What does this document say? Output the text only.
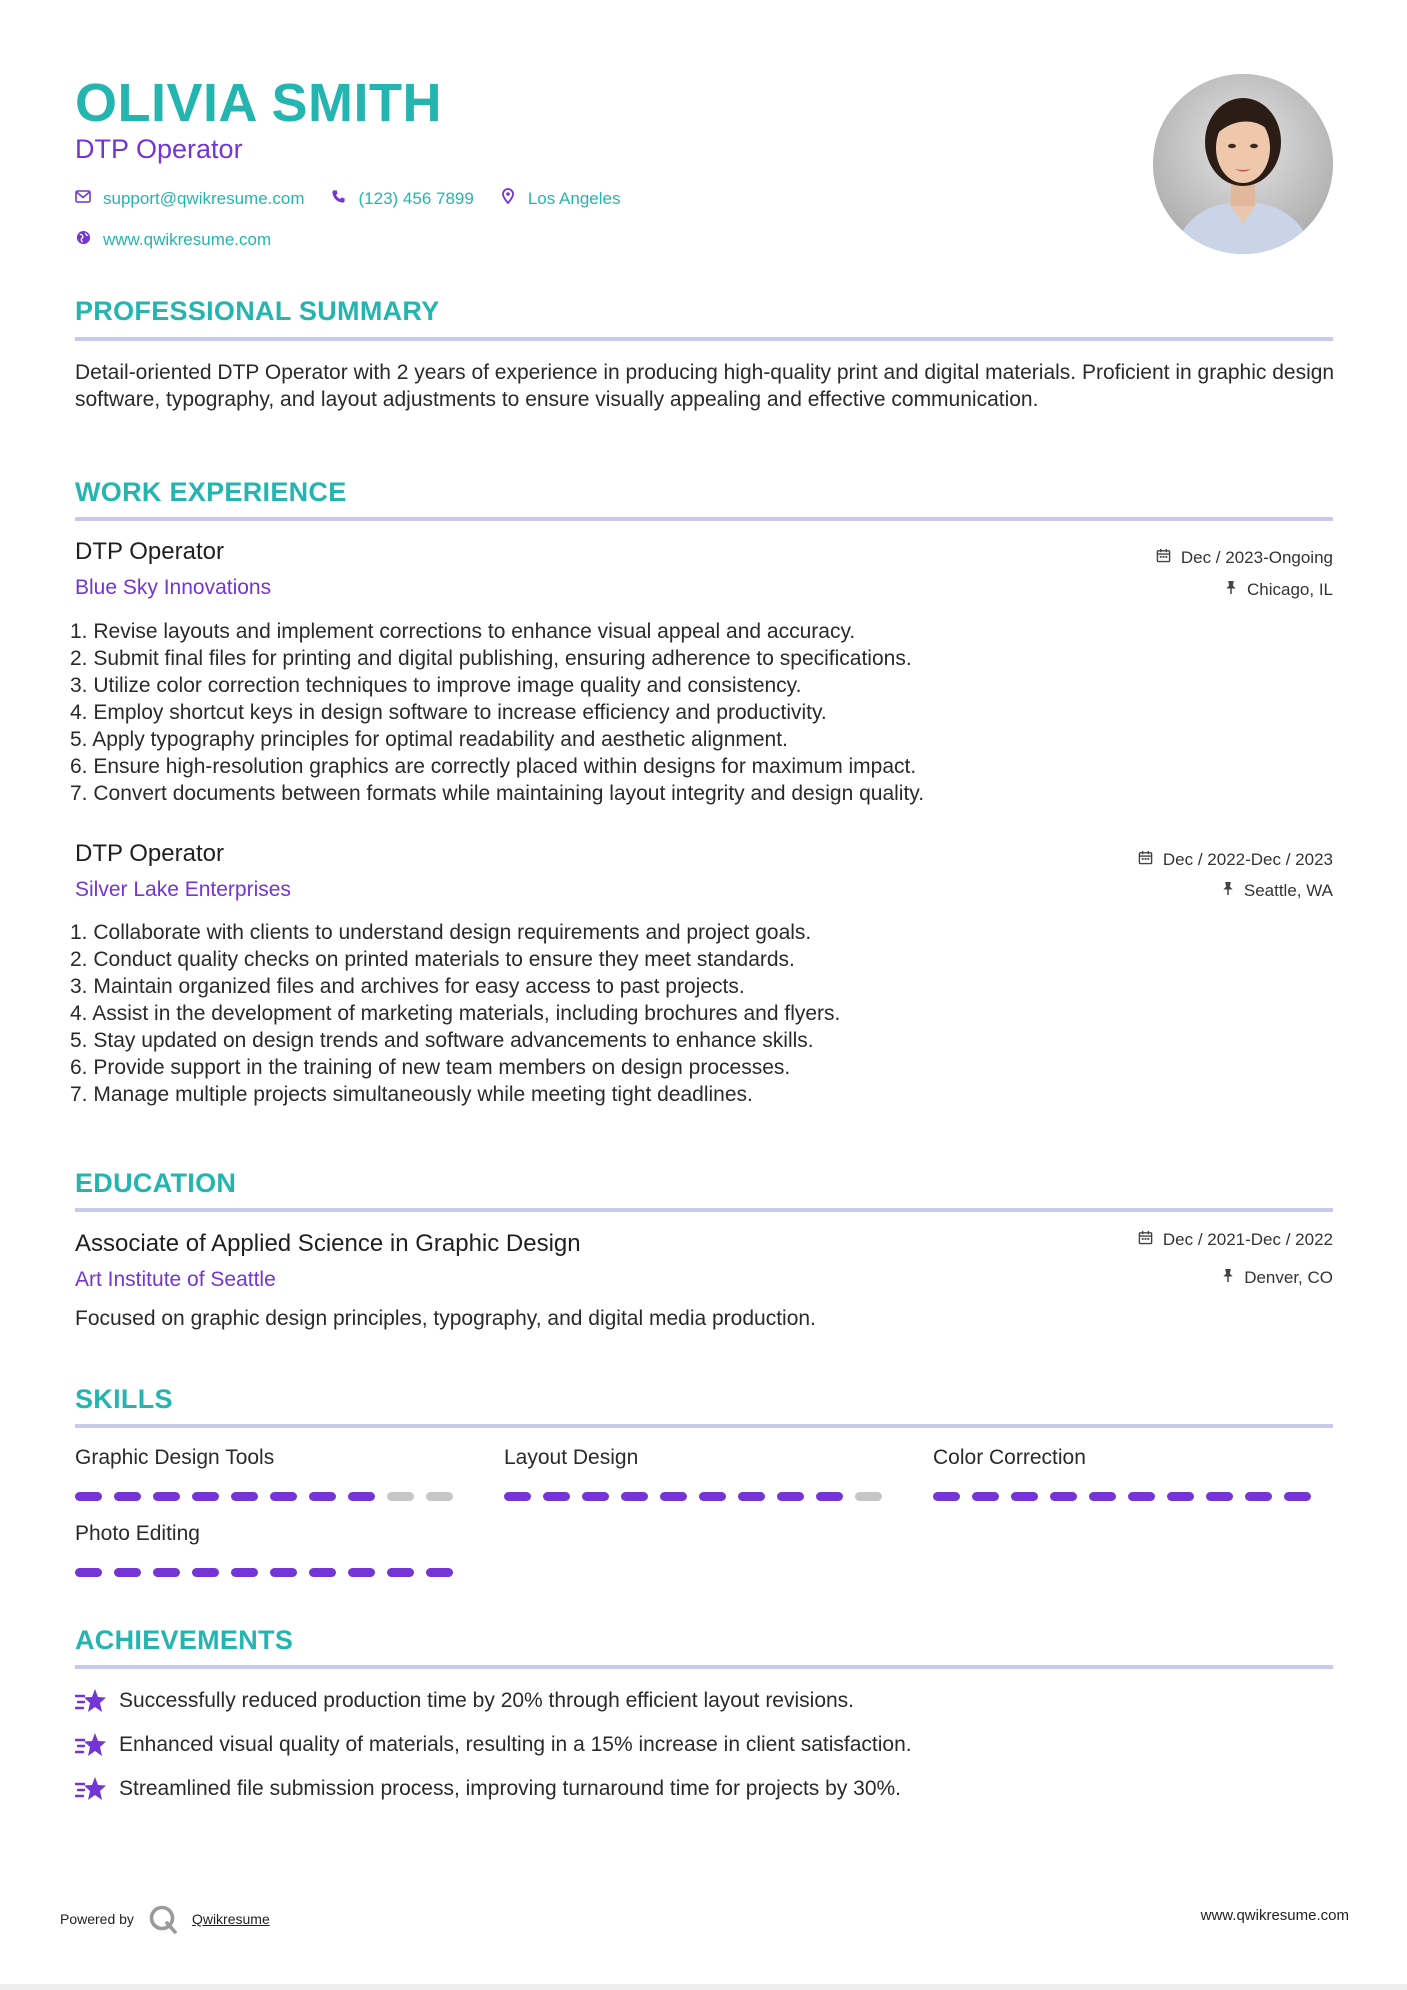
OLIVIA SMITH
DTP Operator
support@qwikresume.com	(123) 456 7899	Los Angeles
www.qwikresume.com
PROFESSIONAL SUMMARY
Detail-oriented DTP Operator with 2 years of experience in producing high-quality print and digital materials. Proficient in graphic design software, typography, and layout adjustments to ensure visually appealing and effective communication.
WORK EXPERIENCE
DTP Operator
Blue Sky Innovations
Dec / 2023-Ongoing
Chicago, IL
1. Revise layouts and implement corrections to enhance visual appeal and accuracy.
2. Submit final files for printing and digital publishing, ensuring adherence to specifications.
3. Utilize color correction techniques to improve image quality and consistency.
4. Employ shortcut keys in design software to increase efficiency and productivity.
5. Apply typography principles for optimal readability and aesthetic alignment.
6. Ensure high-resolution graphics are correctly placed within designs for maximum impact.
7. Convert documents between formats while maintaining layout integrity and design quality.
DTP Operator
Silver Lake Enterprises
Dec / 2022-Dec / 2023
Seattle, WA
1. Collaborate with clients to understand design requirements and project goals.
2. Conduct quality checks on printed materials to ensure they meet standards.
3. Maintain organized files and archives for easy access to past projects.
4. Assist in the development of marketing materials, including brochures and flyers.
5. Stay updated on design trends and software advancements to enhance skills.
6. Provide support in the training of new team members on design processes.
7. Manage multiple projects simultaneously while meeting tight deadlines.
EDUCATION
Associate of Applied Science in Graphic Design
Art Institute of Seattle
Dec / 2021-Dec / 2022
Denver, CO
Focused on graphic design principles, typography, and digital media production.
SKILLS
Graphic Design Tools	Layout Design	Color Correction
Photo Editing
ACHIEVEMENTS
Successfully reduced production time by 20% through efficient layout revisions.
Enhanced visual quality of materials, resulting in a 15% increase in client satisfaction.
Streamlined file submission process, improving turnaround time for projects by 30%.
Powered by	Qwikresume	www.qwikresume.com
